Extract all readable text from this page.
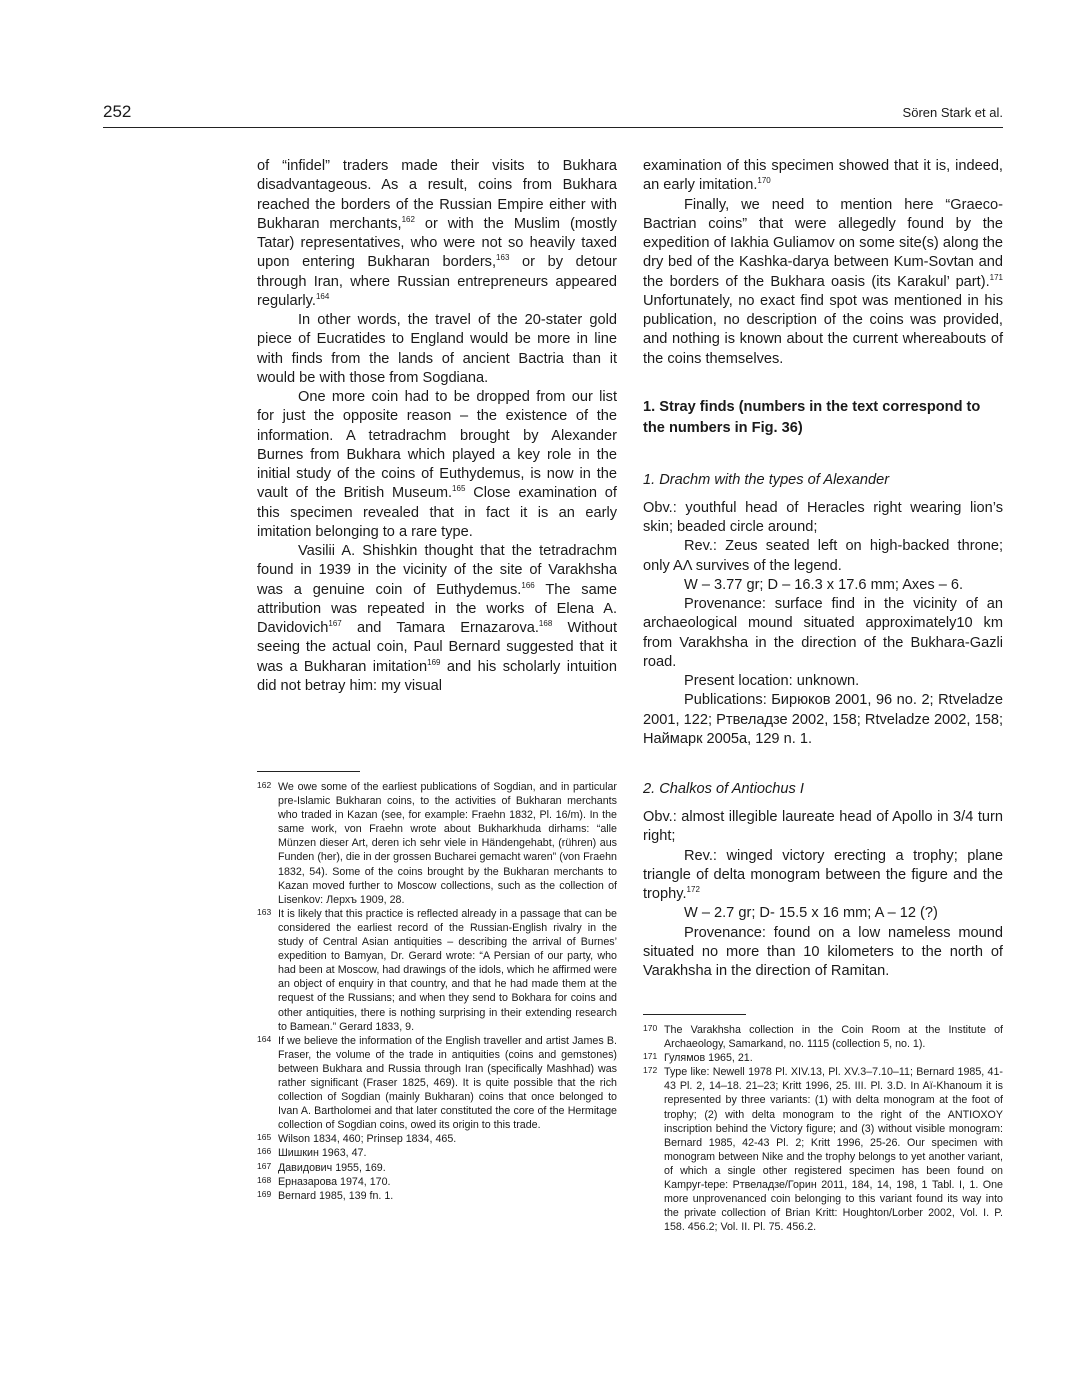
252	Sören Stark et al.

of “infidel” traders made their visits to Bukhara disadvantageous. As a result, coins from Bukhara reached the borders of the Russian Empire either with Bukharan merchants,$^{162}$ or with the Muslim (mostly Tatar) representatives, who were not so heavily taxed upon entering Bukharan borders,$^{163}$ or by detour through Iran, where Russian entrepreneurs appeared regularly.$^{164}$

In other words, the travel of the 20-stater gold piece of Eucratides to England would be more in line with finds from the lands of ancient Bactria than it would be with those from Sogdiana.

One more coin had to be dropped from our list for just the opposite reason – the existence of the information. A tetradrachm brought by Alexander Burnes from Bukhara which played a key role in the initial study of the coins of Euthydemus, is now in the vault of the British Museum.$^{165}$ Close examination of this specimen revealed that in fact it is an early imitation belonging to a rare type.

Vasilii A. Shishkin thought that the tetradrachm found in 1939 in the vicinity of the site of Varakhsha was a genuine coin of Euthydemus.$^{166}$ The same attribution was repeated in the works of Elena A. Davidovich$^{167}$ and Tamara Ernazarova.$^{168}$ Without seeing the actual coin, Paul Bernard suggested that it was a Bukharan imitation$^{169}$ and his scholarly intuition did not betray him: my visual

162 We owe some of the earliest publications of Sogdian, and in particular pre-Islamic Bukharan coins, to the activities of Bukharan merchants who traded in Kazan (see, for example: Fraehn 1832, Pl. 16/m). In the same work, von Fraehn wrote about Bukharkhuda dirhams: “alle Münzen dieser Art, deren ich sehr viele in Händengehabt, (rühren) aus Funden (her), die in der grossen Bucharei gemacht waren” (von Fraehn 1832, 54). Some of the coins brought by the Bukharan merchants to Kazan moved further to Moscow collections, such as the collection of Lisenkov: Лерхъ 1909, 28.
163 It is likely that this practice is reflected already in a passage that can be considered the earliest record of the Russian-English rivalry in the study of Central Asian antiquities – describing the arrival of Burnes’ expedition to Bamyan, Dr. Gerard wrote: “A Persian of our party, who had been at Moscow, had drawings of the idols, which he affirmed were an object of enquiry in that country, and that he had made them at the request of the Russians; and when they send to Bokhara for coins and other antiquities, there is nothing surprising in their extending research to Bamean.” Gerard 1833, 9.
164 If we believe the information of the English traveller and artist James B. Fraser, the volume of the trade in antiquities (coins and gemstones) between Bukhara and Russia through Iran (specifically Mashhad) was rather significant (Fraser 1825, 469). It is quite possible that the rich collection of Sogdian (mainly Bukharan) coins that once belonged to Ivan A. Bartholomei and that later constituted the core of the Hermitage collection of Sogdian coins, owed its origin to this trade.
165 Wilson 1834, 460; Prinsep 1834, 465.
166 Шишкин 1963, 47.
167 Давидович 1955, 169.
168 Ерназарова 1974, 170.
169 Bernard 1985, 139 fn. 1.

examination of this specimen showed that it is, indeed, an early imitation.$^{170}$

Finally, we need to mention here “Graeco-Bactrian coins” that were allegedly found by the expedition of Iakhia Guliamov on some site(s) along the dry bed of the Kashka-darya between Kum-Sovtan and the borders of the Bukhara oasis (its Karakul’ part).$^{171}$ Unfortunately, no exact find spot was mentioned in his publication, no description of the coins was provided, and nothing is known about the current whereabouts of the coins themselves.

1. Stray finds (numbers in the text correspond to the numbers in Fig. 36)
1. Drachm with the types of Alexander

Obv.: youthful head of Heracles right wearing lion’s skin; beaded circle around;

Rev.: Zeus seated left on high-backed throne; only AΛ survives of the legend.

W – 3.77 gr; D – 16.3 x 17.6 mm; Axes – 6.

Provenance: surface find in the vicinity of an archaeological mound situated approximately10 km from Varakhsha in the direction of the Bukhara-Gazli road.

Present location: unknown.

Publications: Бирюков 2001, 96 no. 2; Rtveladze 2001, 122; Ртвеладзе 2002, 158; Rtveladze 2002, 158; Наймарк 2005а, 129 n. 1.

2. Chalkos of Antiochus I

Obv.: almost illegible laureate head of Apollo in 3/4 turn right;

Rev.: winged victory erecting a trophy; plane triangle of delta monogram between the figure and the trophy.$^{172}$

W – 2.7 gr; D- 15.5 x 16 mm; A – 12 (?)

Provenance: found on a low nameless mound situated no more than 10 kilometers to the north of Varakhsha in the direction of Ramitan.

170 The Varakhsha collection in the Coin Room at the Institute of Archaeology, Samarkand, no. 1115 (collection 5, no. 1).
171 Гулямов 1965, 21.
172 Type like: Newell 1978 Pl. XIV.13, Pl. XV.3–7.10–11; Bernard 1985, 41-43 Pl. 2, 14–18. 21–23; Kritt 1996, 25. III. Pl. 3.D. In Aï-Khanoum it is represented by three variants: (1) with delta monogram at the foot of trophy; (2) with delta monogram to the right of the ANTIOXOY inscription behind the Victory figure; and (3) without visible monogram: Bernard 1985, 42-43 Pl. 2; Kritt 1996, 25-26. Our specimen with monogram between Nike and the trophy belongs to yet another variant, of which a single other registered specimen has been found on Kampyr-tepe: Ртвеладзе/Горин 2011, 184, 14, 198, 1 Tabl. I, 1. One more unprovenanced coin belonging to this variant found its way into the private collection of Brian Kritt: Houghton/Lorber 2002, Vol. I. P. 158. 456.2; Vol. II. Pl. 75. 456.2.
